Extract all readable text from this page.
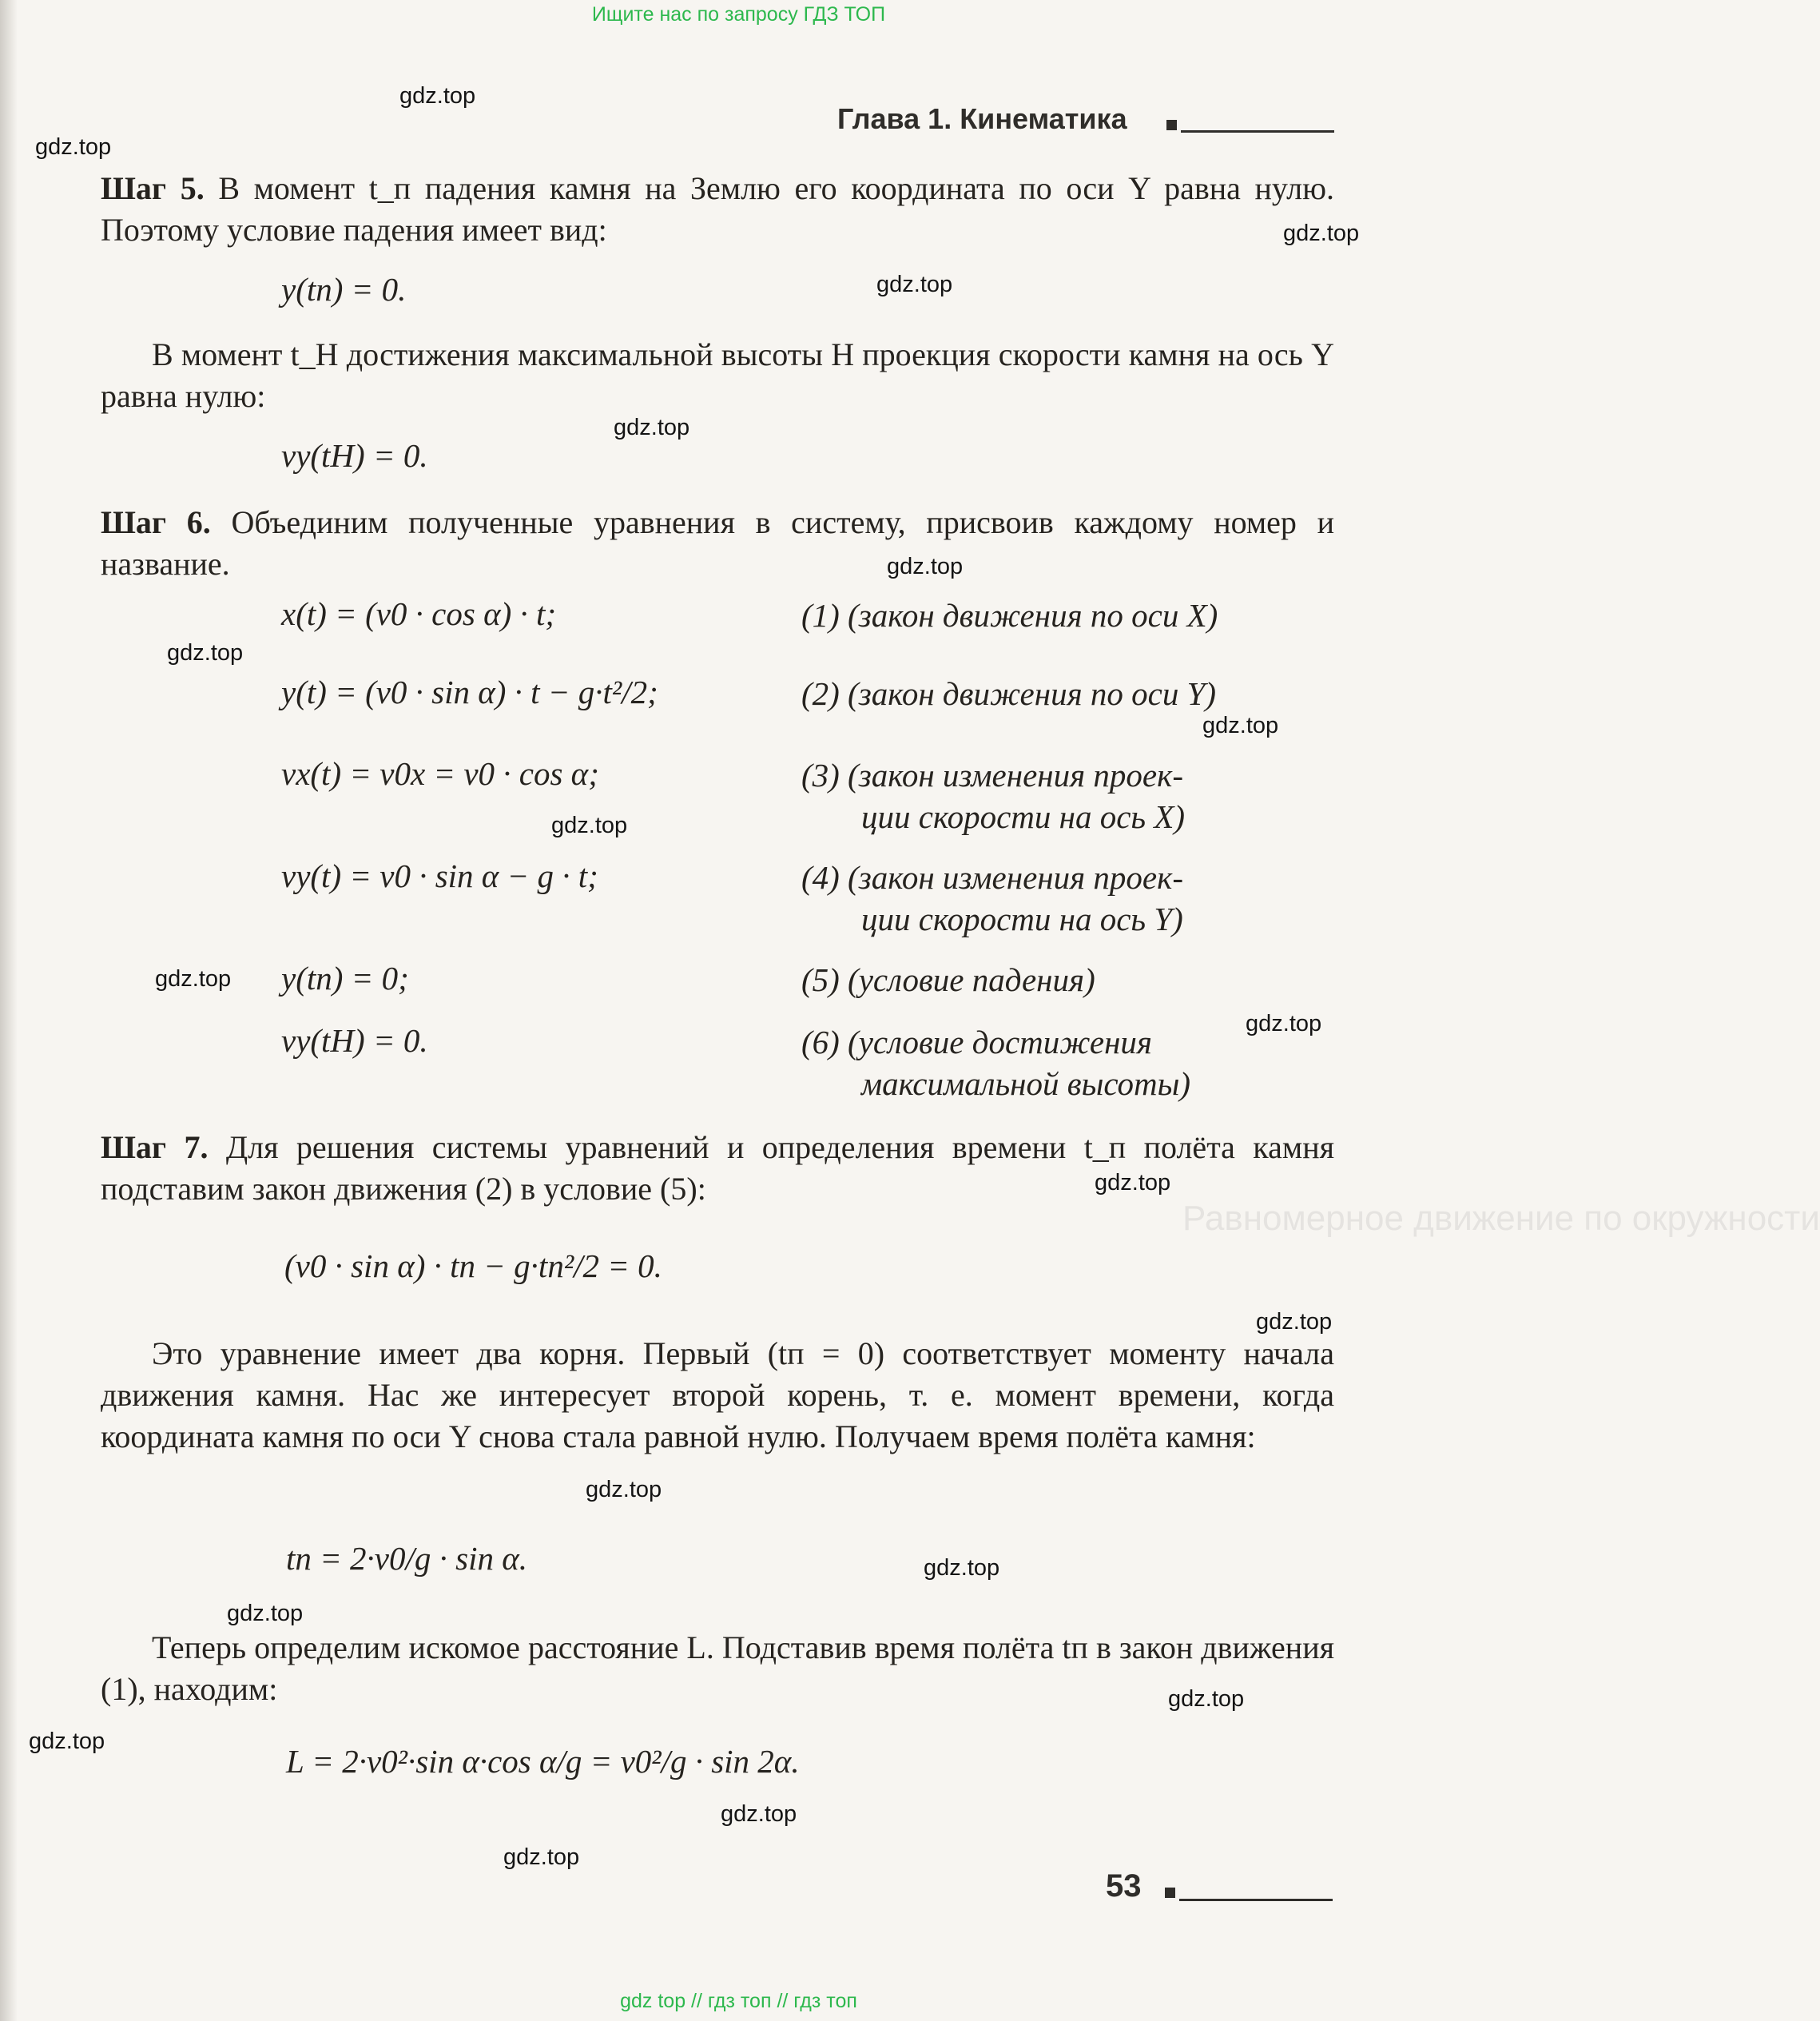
Равномерное движение по окружности
Ищите нас по запросу ГДЗ ТОП
Глава 1. Кинематика
gdz.top
gdz.top
gdz.top
gdz.top
gdz.top
gdz.top
gdz.top
gdz.top
gdz.top
gdz.top
gdz.top
gdz.top
gdz.top
gdz.top
gdz.top
gdz.top
gdz.top
gdz.top
gdz.top
gdz.top
Шаг 5. В момент t_п падения камня на Землю его координата по оси Y равна нулю. Поэтому условие падения имеет вид:
y(tп) = 0.
В момент t_H достижения максимальной высоты H проекция скорости камня на ось Y равна нулю:
vy(tH) = 0.
Шаг 6. Объединим полученные уравнения в систему, присвоив каждому номер и название.
x(t) = (v0 · cos α) · t;	(1) (закон движения по оси X)
y(t) = (v0 · sin α) · t − g·t²/2;	(2) (закон движения по оси Y)
vx(t) = v0x = v0 · cos α;	(3) (закон изменения проек-
ции скорости на ось X)
vy(t) = v0 · sin α − g · t;	(4) (закон изменения проек-
ции скорости на ось Y)
y(tп) = 0;	(5) (условие падения)
vy(tH) = 0.	(6) (условие достижения
максимальной высоты)
Шаг 7. Для решения системы уравнений и определения времени t_п полёта камня подставим закон движения (2) в условие (5):
(v0 · sin α) · tп − g·tп²/2 = 0.
Это уравнение имеет два корня. Первый (tп = 0) соответствует моменту начала движения камня. Нас же интересует второй корень, т. е. момент времени, когда координата камня по оси Y снова стала равной нулю. Получаем время полёта камня:
tп = 2·v0/g · sin α.
Теперь определим искомое расстояние L. Подставив время полёта tп в закон движения (1), находим:
L = 2·v0²·sin α·cos α/g = v0²/g · sin 2α.
53
gdz top // гдз топ // гдз топ
